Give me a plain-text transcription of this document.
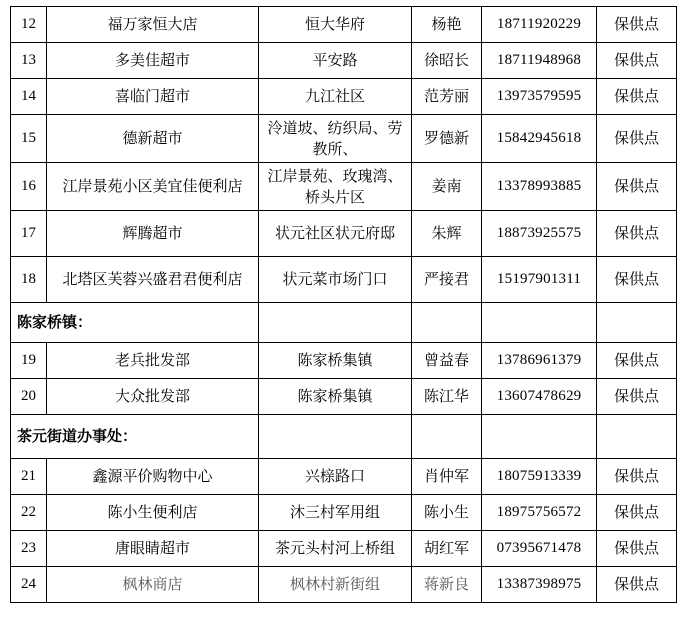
12	福万家恒大店	恒大华府	杨艳	18711920229	保供点
13	多美佳超市	平安路	徐昭长	18711948968	保供点
14	喜临门超市	九江社区	范芳丽	13973579595	保供点
15	德新超市	泠道坡、纺织局、劳教所、	罗德新	15842945618	保供点
16	江岸景苑小区美宜佳便利店	江岸景苑、玫瑰湾、桥头片区	姜南	13378993885	保供点
17	辉腾超市	状元社区状元府邸	朱辉	18873925575	保供点
18	北塔区芙蓉兴盛君君便利店	状元菜市场门口	严接君	15197901311	保供点
陈家桥镇：					
19	老兵批发部	陈家桥集镇	曾益春	13786961379	保供点
20	大众批发部	陈家桥集镇	陈江华	13607478629	保供点
茶元街道办事处：					
21	鑫源平价购物中心	兴榇路口	肖仲军	18075913339	保供点
22	陈小生便利店	沐三村军用组	陈小生	18975756572	保供点
23	唐眼睛超市	茶元头村河上桥组	胡红军	07395671478	保供点
24	枫林商店	枫林村新街组	蒋新良	13387398975	保供点
